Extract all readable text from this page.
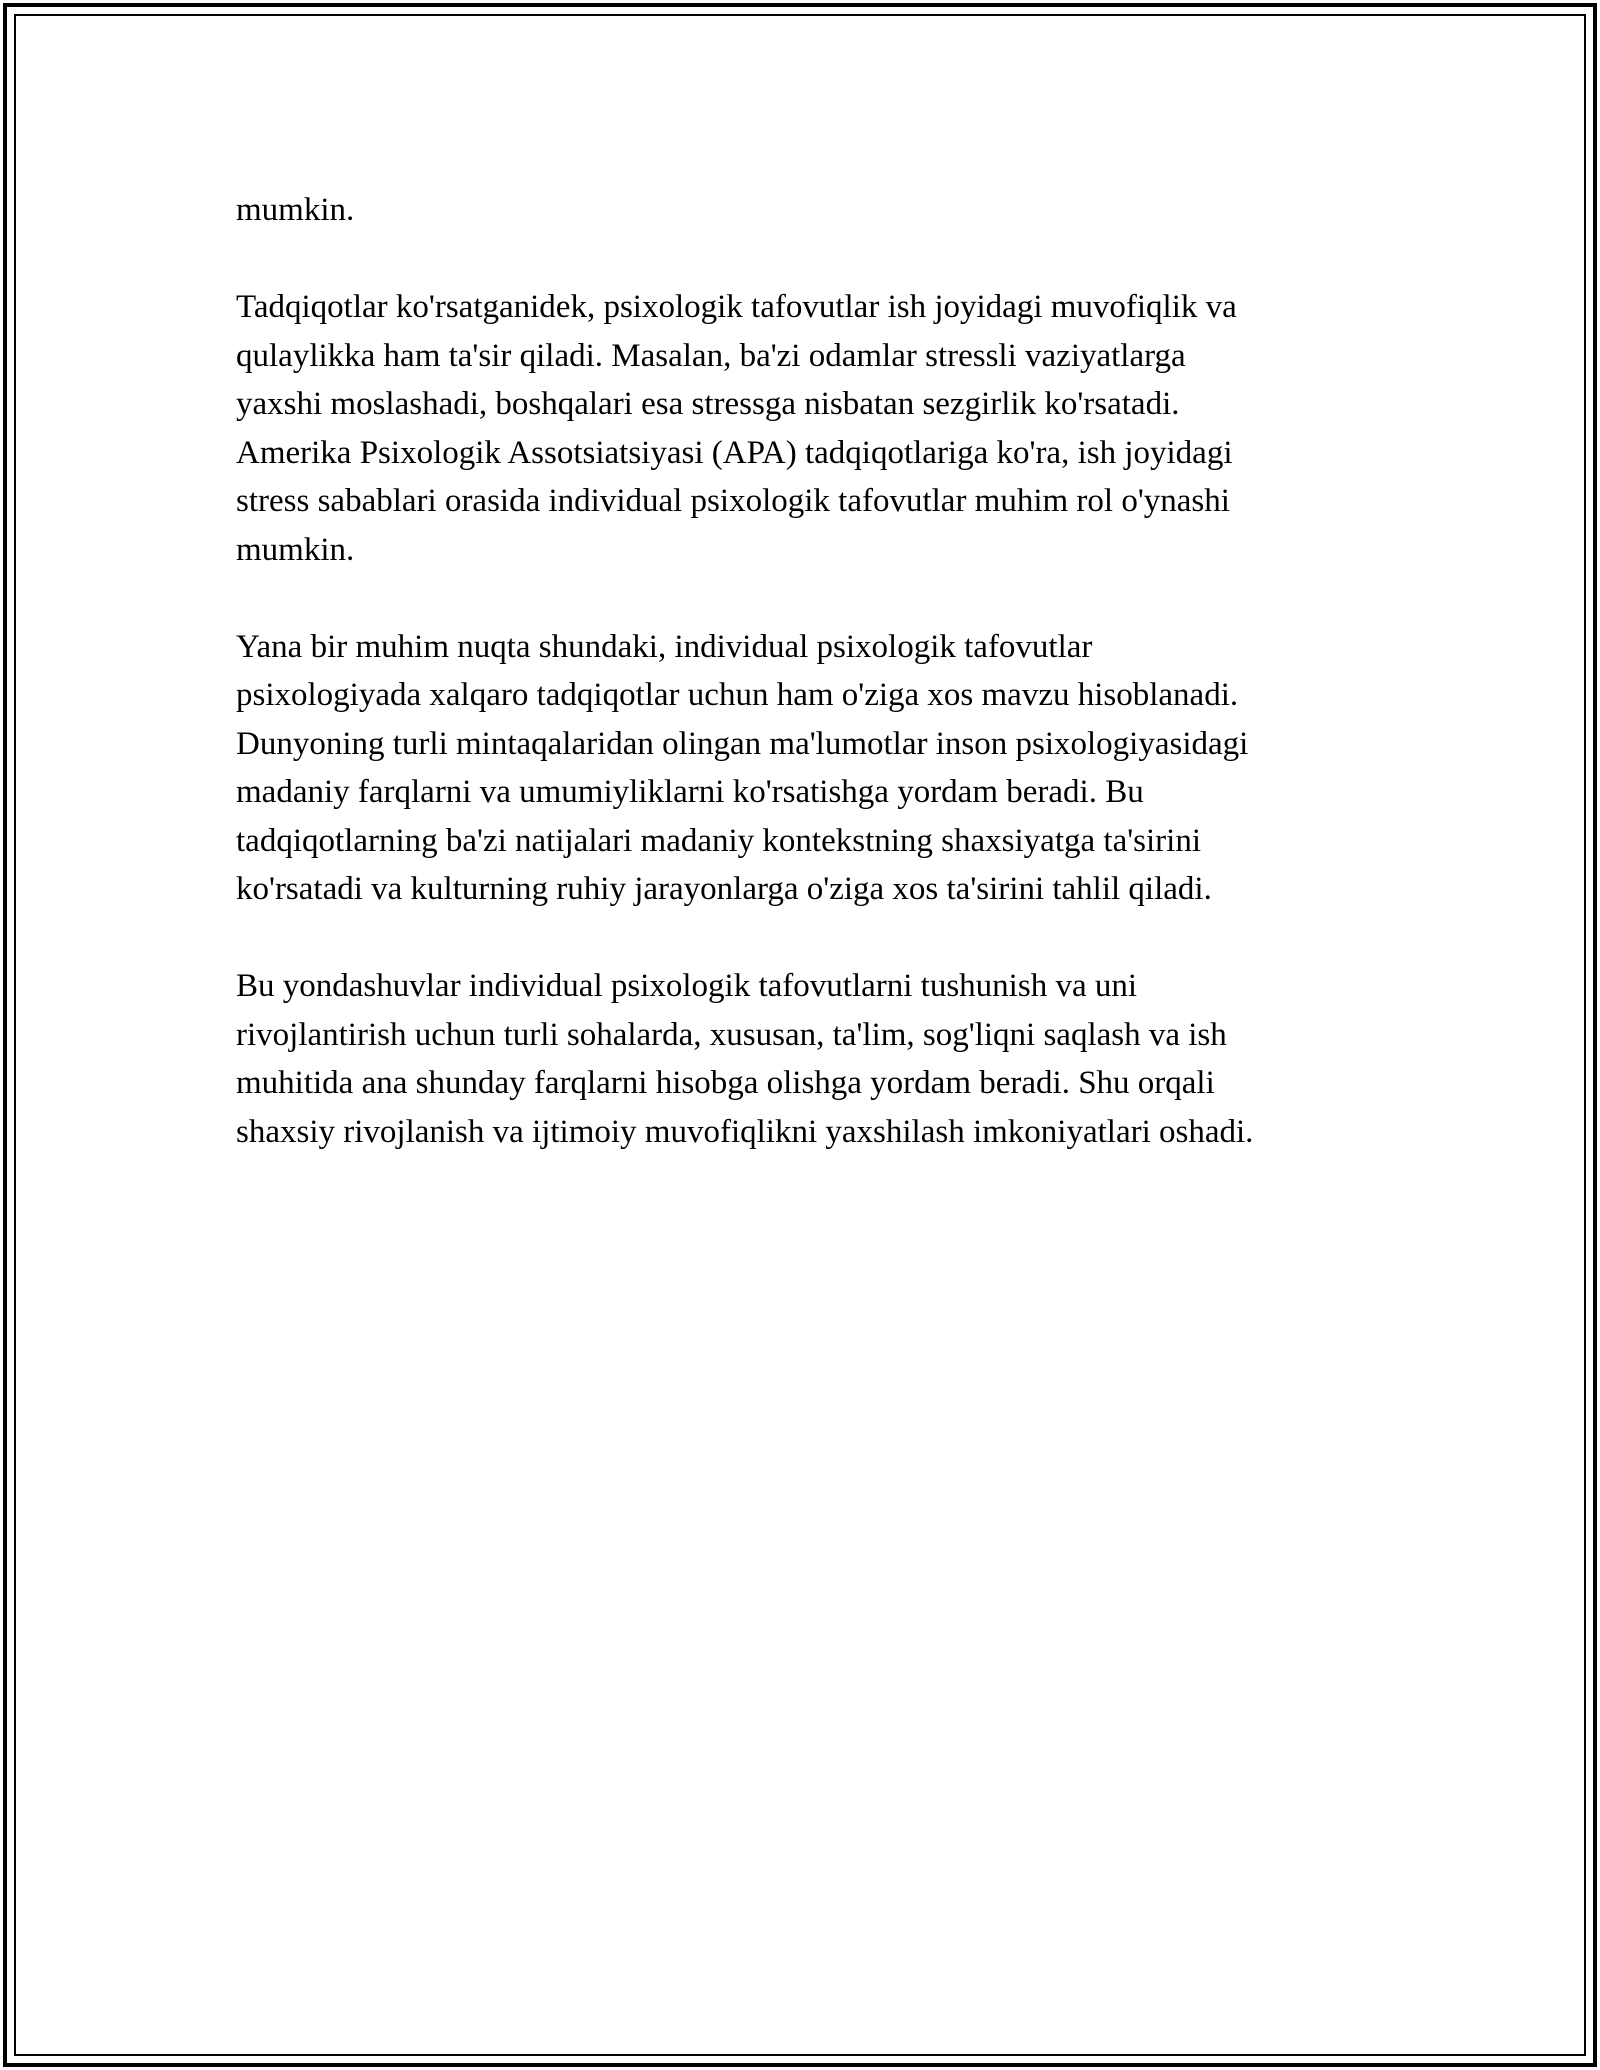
mumkin.

Tadqiqotlar ko'rsatganidek, psixologik tafovutlar ish joyidagi muvofiqlik va
qulaylikka ham ta'sir qiladi. Masalan, ba'zi odamlar stressli vaziyatlarga
yaxshi moslashadi, boshqalari esa stressga nisbatan sezgirlik ko'rsatadi.
Amerika Psixologik Assotsiatsiyasi (APA) tadqiqotlariga ko'ra, ish joyidagi
stress sabablari orasida individual psixologik tafovutlar muhim rol o'ynashi
mumkin.

Yana bir muhim nuqta shundaki, individual psixologik tafovutlar
psixologiyada xalqaro tadqiqotlar uchun ham o'ziga xos mavzu hisoblanadi.
Dunyoning turli mintaqalaridan olingan ma'lumotlar inson psixologiyasidagi
madaniy farqlarni va umumiyliklarni ko'rsatishga yordam beradi. Bu
tadqiqotlarning ba'zi natijalari madaniy kontekstning shaxsiyatga ta'sirini
ko'rsatadi va kulturning ruhiy jarayonlarga o'ziga xos ta'sirini tahlil qiladi.

Bu yondashuvlar individual psixologik tafovutlarni tushunish va uni
rivojlantirish uchun turli sohalarda, xususan, ta'lim, sog'liqni saqlash va ish
muhitida ana shunday farqlarni hisobga olishga yordam beradi. Shu orqali
shaxsiy rivojlanish va ijtimoiy muvofiqlikni yaxshilash imkoniyatlari oshadi.
